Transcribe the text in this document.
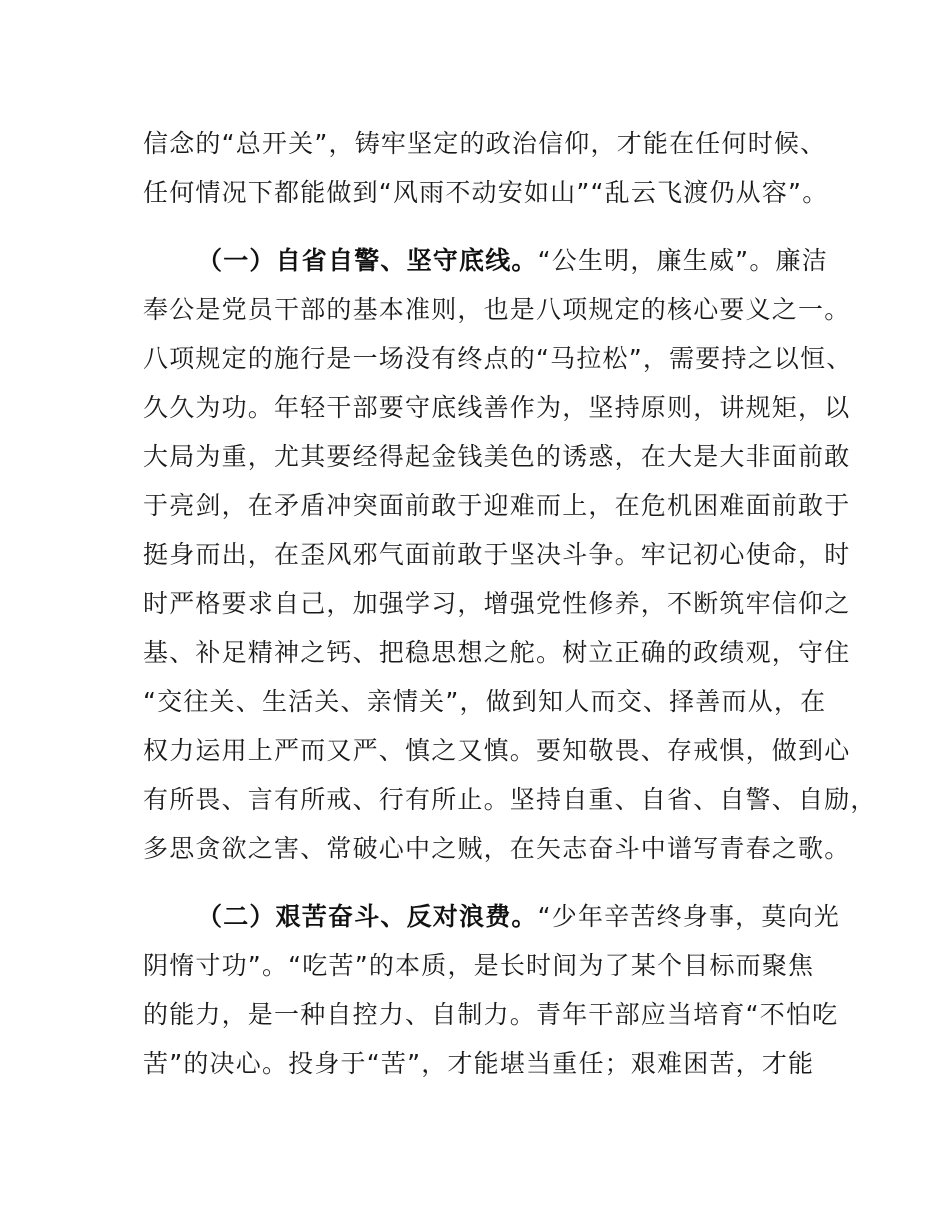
信念的“总开关”，铸牢坚定的政治信仰，才能在任何时候、
任何情况下都能做到“风雨不动安如山”“乱云飞渡仍从容”。
（一）自省自警、坚守底线。“公生明，廉生威”。廉洁
奉公是党员干部的基本准则，也是八项规定的核心要义之一。
八项规定的施行是一场没有终点的“马拉松”，需要持之以恒、
久久为功。年轻干部要守底线善作为，坚持原则，讲规矩，以
大局为重，尤其要经得起金钱美色的诱惑，在大是大非面前敢
于亮剑，在矛盾冲突面前敢于迎难而上，在危机困难面前敢于
挺身而出，在歪风邪气面前敢于坚决斗争。牢记初心使命，时
时严格要求自己，加强学习，增强党性修养，不断筑牢信仰之
基、补足精神之钙、把稳思想之舵。树立正确的政绩观，守住
“交往关、生活关、亲情关”，做到知人而交、择善而从，在
权力运用上严而又严、慎之又慎。要知敬畏、存戒惧，做到心
有所畏、言有所戒、行有所止。坚持自重、自省、自警、自励，
多思贪欲之害、常破心中之贼，在矢志奋斗中谱写青春之歌。
（二）艰苦奋斗、反对浪费。“少年辛苦终身事，莫向光
阴惰寸功”。“吃苦”的本质，是长时间为了某个目标而聚焦
的能力，是一种自控力、自制力。青年干部应当培育“不怕吃
苦”的决心。投身于“苦”，才能堪当重任；艰难困苦，才能
